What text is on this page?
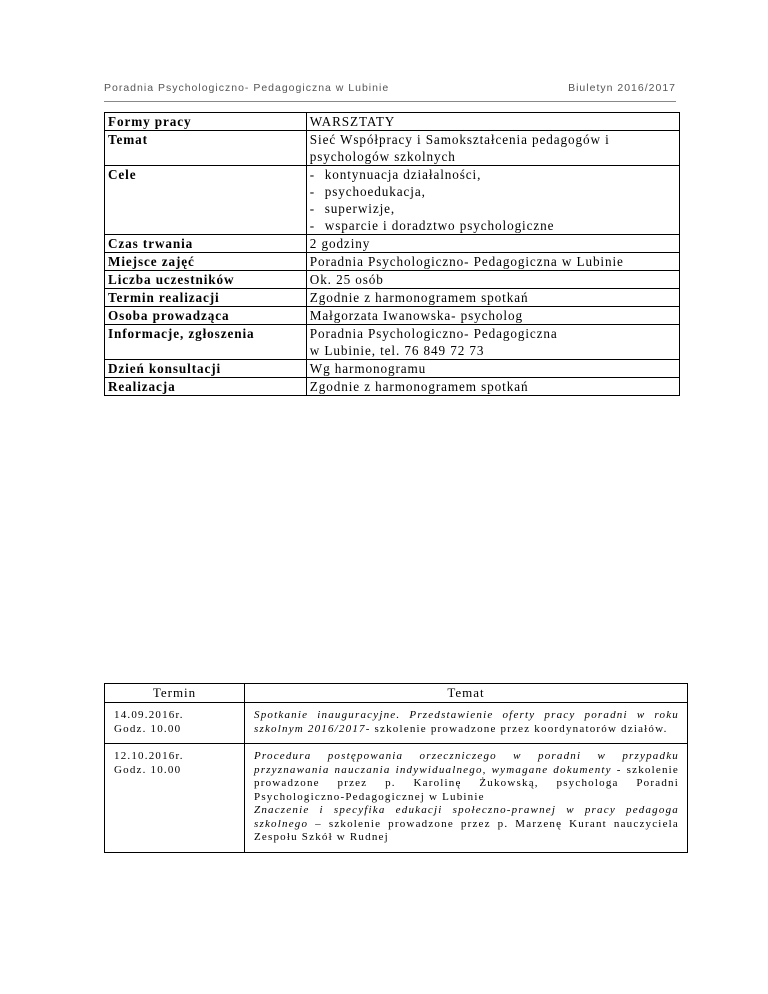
Poradnia Psychologiczno- Pedagogiczna w Lubinie	Biuletyn 2016/2017
Formy pracy	WARSZTATY
Temat	Sieć Współpracy i Samokształcenia pedagogów i psychologów szkolnych
Cele	- kontynuacja działalności,
- psychoedukacja,
- superwizje,
- wsparcie i doradztwo psychologiczne

Czas trwania	2 godziny
Miejsce zajęć	Poradnia Psychologiczno- Pedagogiczna w Lubinie
Liczba uczestników	Ok. 25 osób
Termin realizacji	Zgodnie z harmonogramem spotkań
Osoba prowadząca	Małgorzata Iwanowska- psycholog
Informacje, zgłoszenia	Poradnia Psychologiczno- Pedagogiczna
w Lubinie, tel. 76 849 72 73

Dzień konsultacji	Wg harmonogramu
Realizacja	Zgodnie z harmonogramem spotkań
Termin	Temat

14.09.2016r.
Godz. 10.00	Spotkanie inauguracyjne. Przedstawienie oferty pracy poradni w roku szkolnym 2016/2017- szkolenie prowadzone przez koordynatorów działów.

12.10.2016r.
Godz. 10.00	Procedura postępowania orzeczniczego w poradni w przypadku przyznawania nauczania indywidualnego, wymagane dokumenty - szkolenie prowadzone przez p. Karolinę Żukowską, psychologa Poradni Psychologiczno-Pedagogicznej w Lubinie
Znaczenie i specyfika edukacji społeczno-prawnej w pracy pedagoga szkolnego – szkolenie prowadzone przez p. Marzenę Kurant nauczyciela Zespołu Szkół w Rudnej
